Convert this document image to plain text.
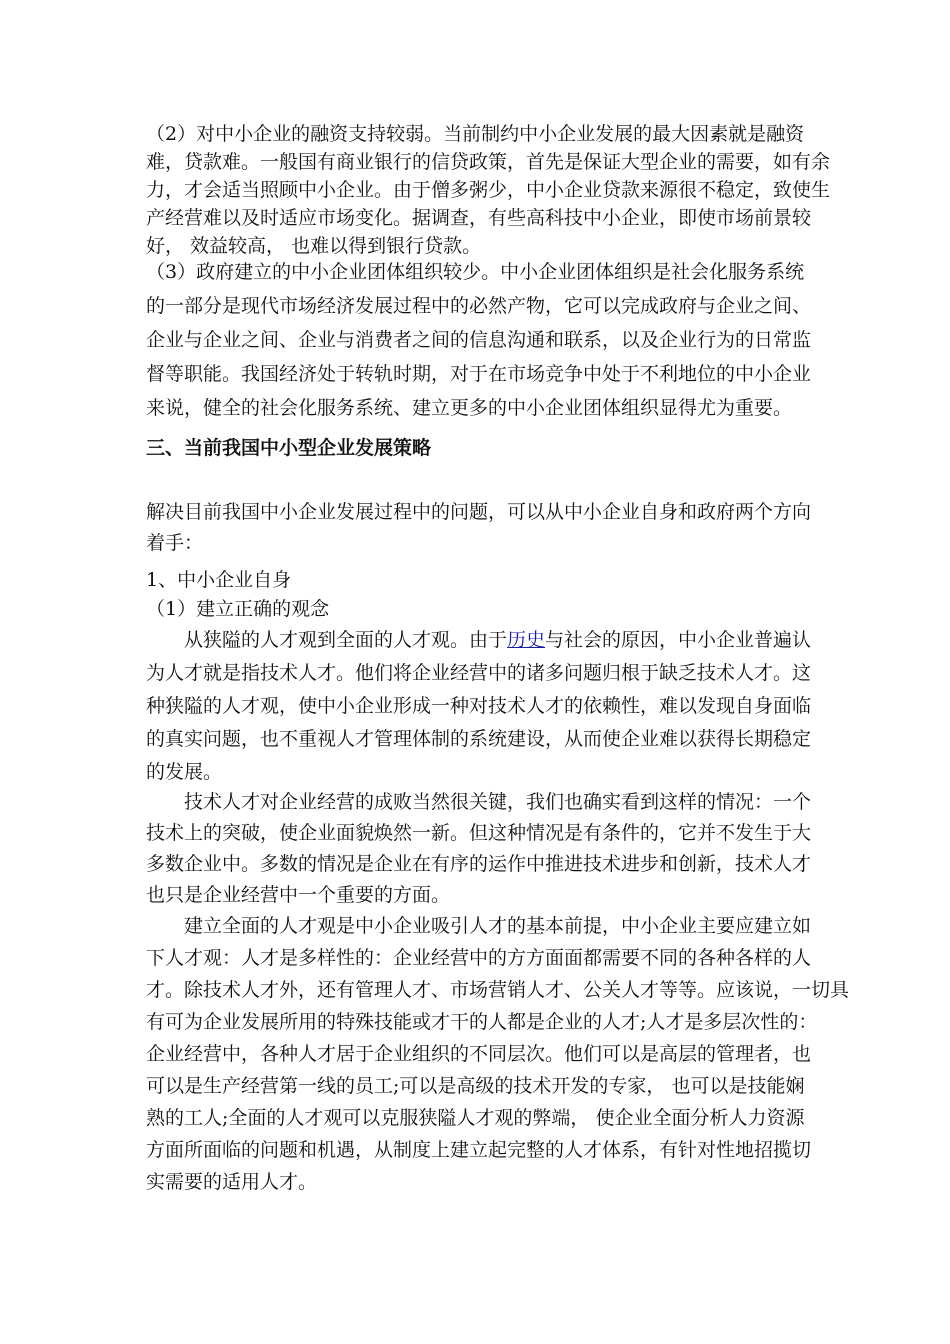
（2）对中小企业的融资支持较弱。当前制约中小企业发展的最大因素就是融资
难，贷款难。一般国有商业银行的信贷政策，首先是保证大型企业的需要，如有余
力，才会适当照顾中小企业。由于僧多粥少，中小企业贷款来源很不稳定，致使生
产经营难以及时适应市场变化。据调查，有些高科技中小企业，即使市场前景较
好， 效益较高， 也难以得到银行贷款。
（3）政府建立的中小企业团体组织较少。中小企业团体组织是社会化服务系统
的一部分是现代市场经济发展过程中的必然产物，它可以完成政府与企业之间、
企业与企业之间、企业与消费者之间的信息沟通和联系，以及企业行为的日常监
督等职能。我国经济处于转轨时期，对于在市场竞争中处于不利地位的中小企业
来说，健全的社会化服务系统、建立更多的中小企业团体组织显得尤为重要。
三、当前我国中小型企业发展策略
解决目前我国中小企业发展过程中的问题，可以从中小企业自身和政府两个方向
着手：
1、中小企业自身
（1）建立正确的观念
　　从狭隘的人才观到全面的人才观。由于历史与社会的原因，中小企业普遍认
为人才就是指技术人才。他们将企业经营中的诸多问题归根于缺乏技术人才。这
种狭隘的人才观，使中小企业形成一种对技术人才的依赖性，难以发现自身面临
的真实问题，也不重视人才管理体制的系统建设，从而使企业难以获得长期稳定
的发展。
　　技术人才对企业经营的成败当然很关键，我们也确实看到这样的情况：一个
技术上的突破，使企业面貌焕然一新。但这种情况是有条件的，它并不发生于大
多数企业中。多数的情况是企业在有序的运作中推进技术进步和创新，技术人才
也只是企业经营中一个重要的方面。
　　建立全面的人才观是中小企业吸引人才的基本前提，中小企业主要应建立如
下人才观：人才是多样性的：企业经营中的方方面面都需要不同的各种各样的人
才。除技术人才外，还有管理人才、市场营销人才、公关人才等等。应该说，一切具
有可为企业发展所用的特殊技能或才干的人都是企业的人才;人才是多层次性的：
企业经营中，各种人才居于企业组织的不同层次。他们可以是高层的管理者，也
可以是生产经营第一线的员工;可以是高级的技术开发的专家， 也可以是技能娴
熟的工人;全面的人才观可以克服狭隘人才观的弊端， 使企业全面分析人力资源
方面所面临的问题和机遇，从制度上建立起完整的人才体系，有针对性地招揽切
实需要的适用人才。
